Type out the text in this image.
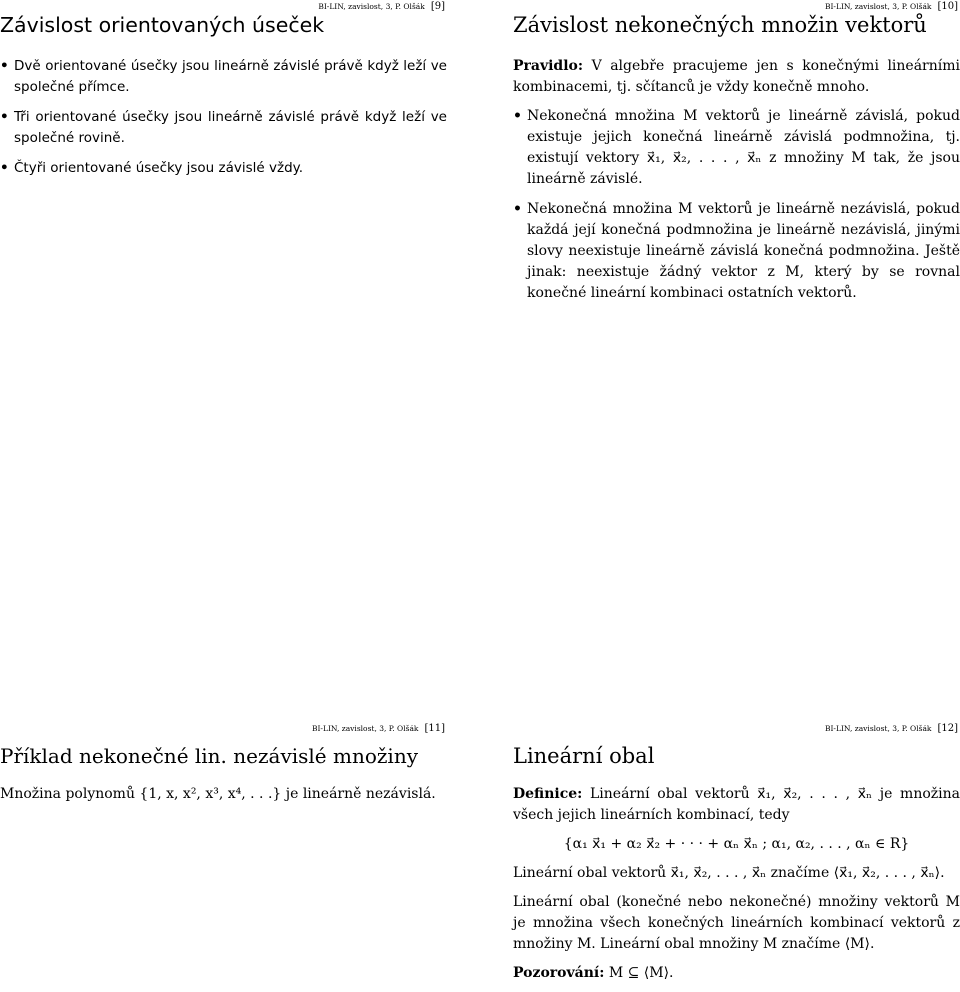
BI-LIN, zavislost, 3, P. Olšák [9]
Závislost orientovaných úseček
• Dvě orientované úsečky jsou lineárně závislé právě když leží ve společné přímce.
• Tři orientované úsečky jsou lineárně závislé právě když leží ve společné rovině.
• Čtyři orientované úsečky jsou závislé vždy.
BI-LIN, zavislost, 3, P. Olšák [10]
Závislost nekonečných množin vektorů

Pravidlo: V algebře pracujeme jen s konečnými lineárními kombinacemi, tj. sčítanců je vždy konečně mnoho.

• Nekonečná množina M vektorů je lineárně závislá, pokud existuje jejich konečná lineárně závislá podmnožina, tj. existují vektory x⃗₁, x⃗₂, . . . , x⃗ₙ z množiny M tak, že jsou lineárně závislé.
• Nekonečná množina M vektorů je lineárně nezávislá, pokud každá její konečná podmnožina je lineárně nezávislá, jinými slovy neexistuje lineárně závislá konečná podmnožina. Ještě jinak: neexistuje žádný vektor z M, který by se rovnal konečné lineární kombinaci ostatních vektorů.
BI-LIN, zavislost, 3, P. Olšák [11]
Příklad nekonečné lin. nezávislé množiny

Množina polynomů {1, x, x², x³, x⁴, . . .} je lineárně nezávislá.

BI-LIN, zavislost, 3, P. Olšák [12]
Lineární obal

Definice: Lineární obal vektorů x⃗₁, x⃗₂, . . . , x⃗ₙ je množina všech jejich lineárních kombinací, tedy

{α₁ x⃗₁ + α₂ x⃗₂ + · · · + αₙ x⃗ₙ ; α₁, α₂, . . . , αₙ ∈ R}

Lineární obal vektorů x⃗₁, x⃗₂, . . . , x⃗ₙ značíme ⟨x⃗₁, x⃗₂, . . . , x⃗ₙ⟩.

Lineární obal (konečné nebo nekonečné) množiny vektorů M je množina všech konečných lineárních kombinací vektorů z množiny M. Lineární obal množiny M značíme ⟨M⟩.

Pozorování: M ⊆ ⟨M⟩.
